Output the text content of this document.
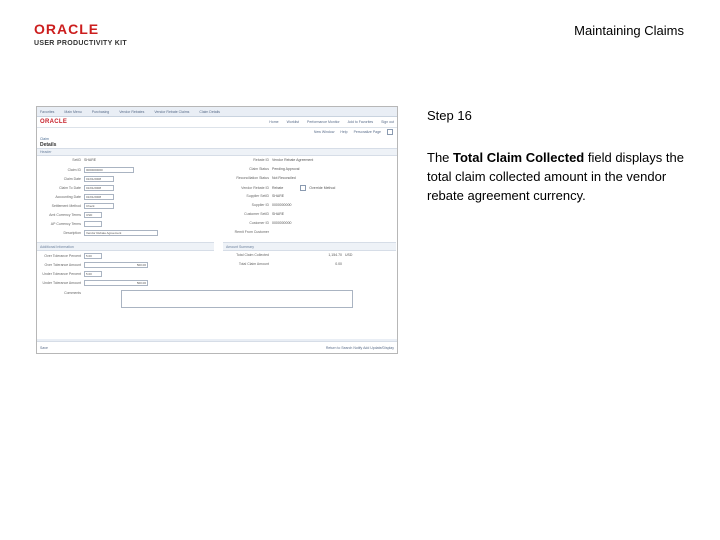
ORACLE
USER PRODUCTIVITY KIT
Maintaining Claims
Favorites	Main Menu	Purchasing	Vendor Rebates	Vendor Rebate Claims	Claim Details
ORACLE	Home Worklist Performance Monitor Add to Favorites Sign out
New Window Help Personalize Page
Claim
Details
Header
SetID SHARE
Claim ID	0000000000
Claim Date	01/01/2008
Claim To Date	01/01/2008
Accounting Date	01/01/2008
Settlement Method	Check
Amt Currency Terms	USD
AP Currency Terms
Description	Vendor Rebate Agreement
Rebate ID Vendor Rebate Agreement
Claim Status Pending Approval
Reconciliation Status Not Reconciled
Vendor Rebate ID Rebate	Override Method
Supplier SetID SHARE
Supplier ID 0000000000
Customer SetID SHARE
Customer ID 0000000000
Remit From Customer
Additional Information	Amount Summary
Over Tolerance Percent	5.00
Over Tolerance Amount	500.00
Under Tolerance Percent	5.00
Under Tolerance Amount	500.00
Total Claim Collected	1,154.70 USD
Total Claim Amount	0.00
Comments
Save	Return to Search Notify Add Update/Display
Step 16
The Total Claim Collected field displays the total claim collected amount in the vendor rebate agreement currency.
